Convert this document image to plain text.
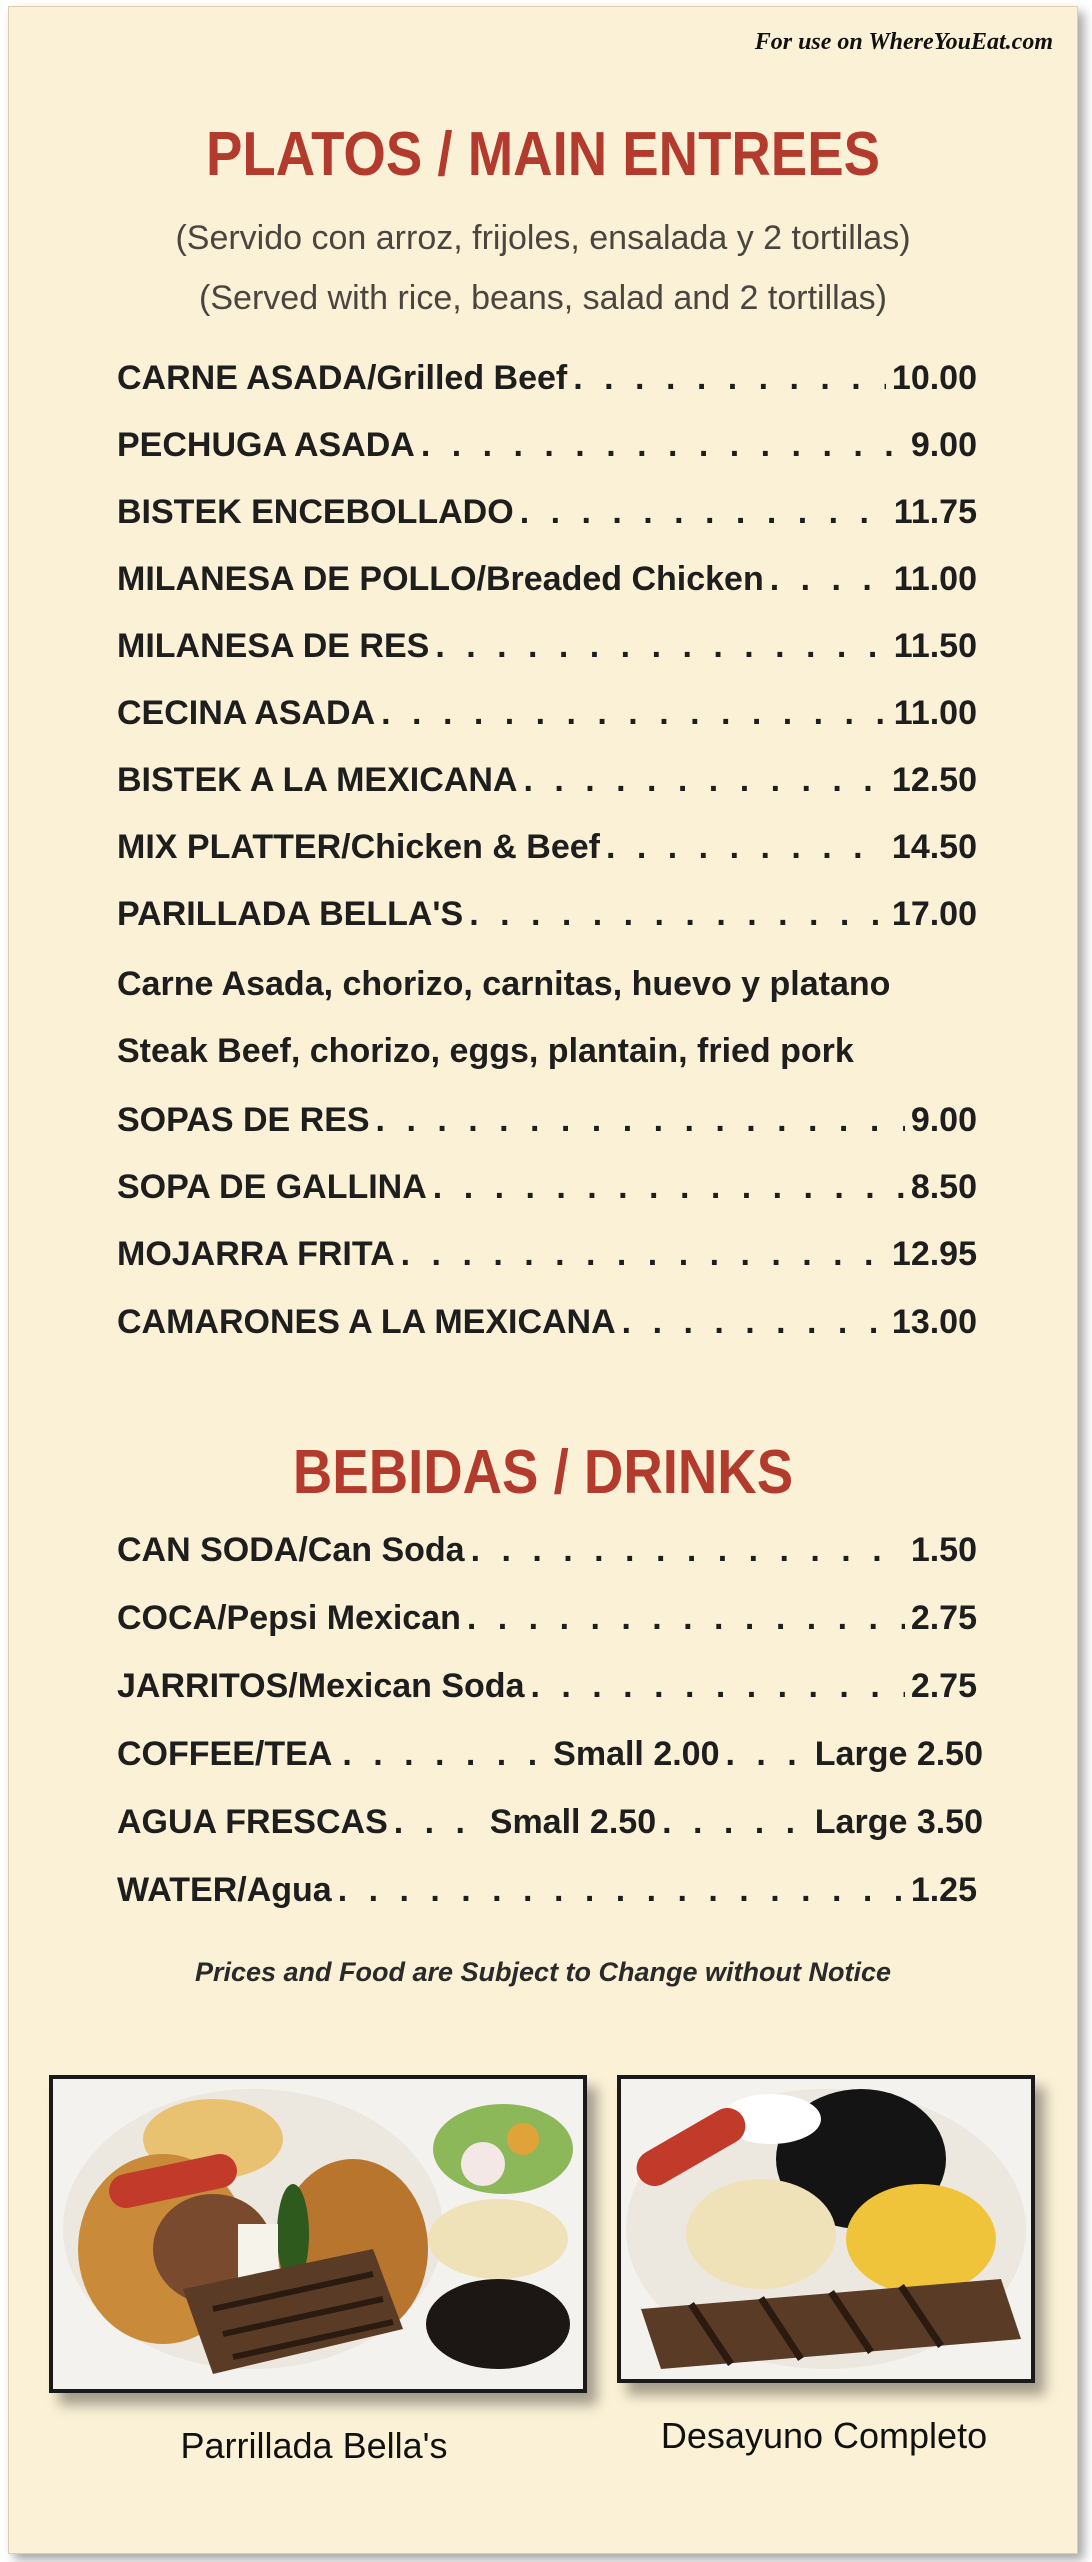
For use on WhereYouEat.com
PLATOS / MAIN ENTREES
(Servido con arroz, frijoles, ensalada y 2 tortillas)
(Served with rice, beans, salad and 2 tortillas)
CARNE ASADA/Grilled Beef . . .	10.00
PECHUGA ASADA . . .	9.00
BISTEK ENCEBOLLADO . . .	11.75
MILANESA DE POLLO/Breaded Chicken . . .	11.00
MILANESA DE RES . . .	11.50
CECINA ASADA . . .	11.00
BISTEK A LA MEXICANA . . .	12.50
MIX PLATTER/Chicken & Beef . . .	14.50
PARILLADA BELLA'S . . .	17.00
Carne Asada, chorizo, carnitas, huevo y platano
Steak Beef, chorizo, eggs, plantain, fried pork
SOPAS DE RES . . .	9.00
SOPA DE GALLINA . . .	8.50
MOJARRA FRITA . . .	12.95
CAMARONES A LA MEXICANA . . .	13.00
BEBIDAS / DRINKS
CAN SODA/Can Soda . . .	1.50
COCA/Pepsi Mexican . . .	2.75
JARRITOS/Mexican Soda . . .	2.75
COFFEE/TEA . . .	Small 2.00 . . .	Large 2.50
AGUA FRESCAS . . .	Small 2.50 . . .	Large 3.50
WATER/Agua . . .	1.25
Prices and Food are Subject to Change without Notice
Parrillada Bella's	Desayuno Completo
